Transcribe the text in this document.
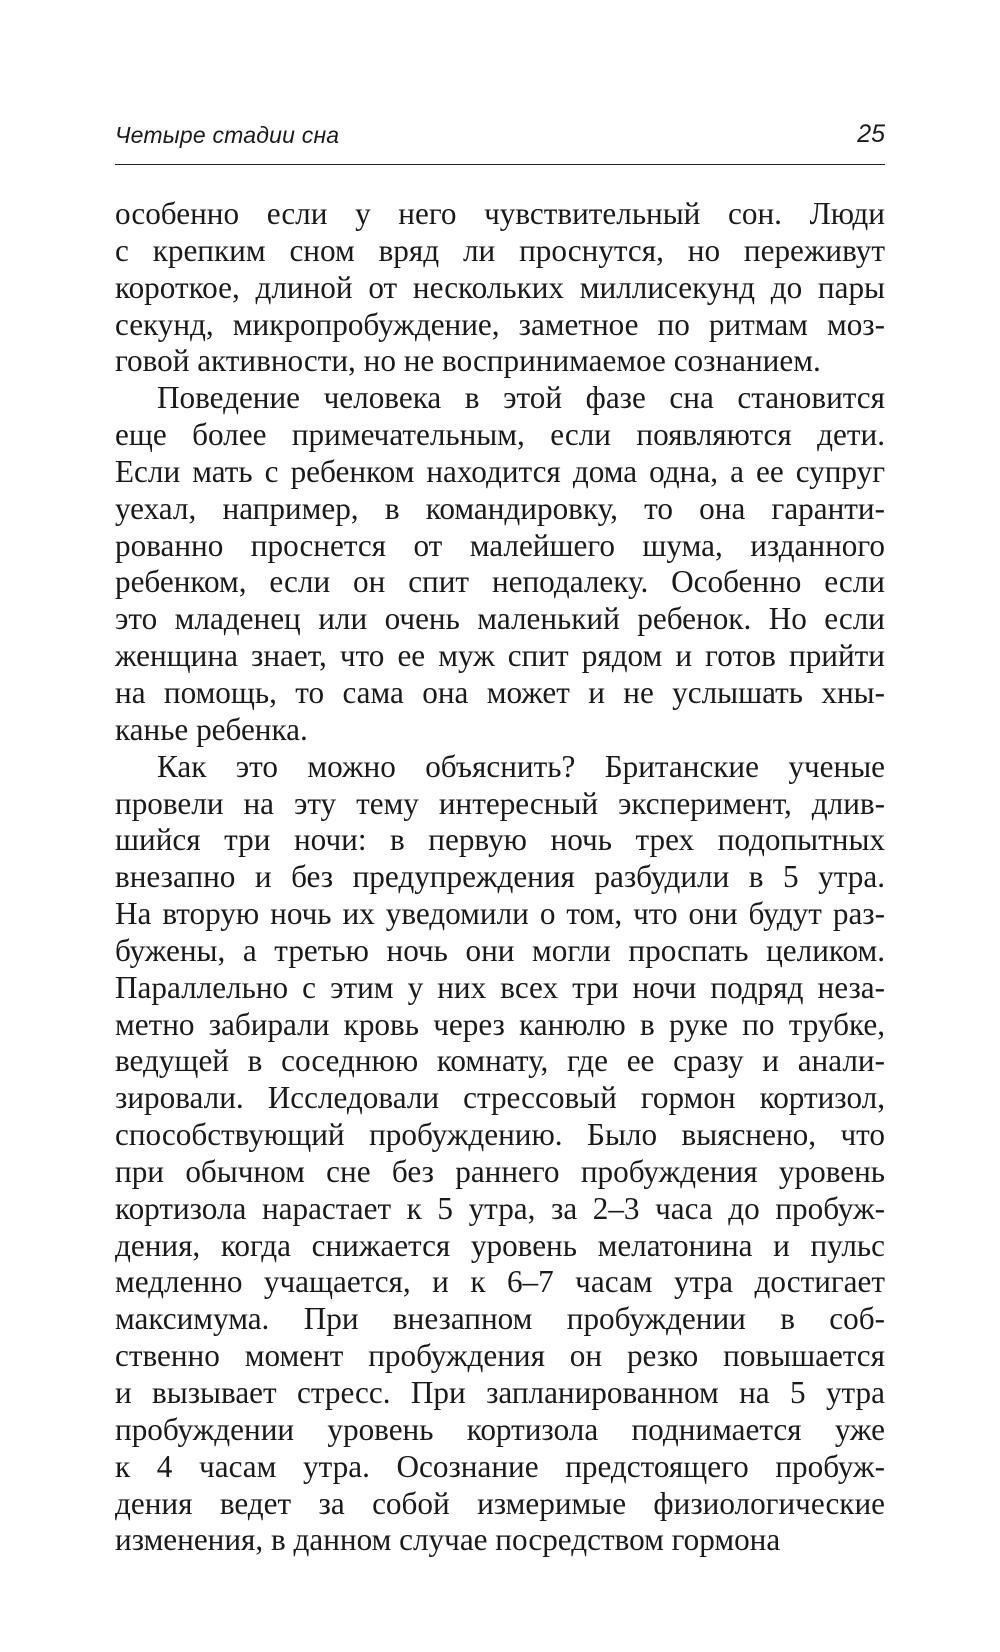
Четыре стадии сна	25
особенно если у него чувствительный сон. Люди
с крепким сном вряд ли проснутся, но переживут
короткое, длиной от нескольких миллисекунд до пары
секунд, микропробуждение, заметное по ритмам моз-
говой активности, но не воспринимаемое сознанием.
Поведение человека в этой фазе сна становится
еще более примечательным, если появляются дети.
Если мать с ребенком находится дома одна, а ее супруг
уехал, например, в командировку, то она гаранти-
рованно проснется от малейшего шума, изданного
ребенком, если он спит неподалеку. Особенно если
это младенец или очень маленький ребенок. Но если
женщина знает, что ее муж спит рядом и готов прийти
на помощь, то сама она может и не услышать хны-
канье ребенка.
Как это можно объяснить? Британские ученые
провели на эту тему интересный эксперимент, длив-
шийся три ночи: в первую ночь трех подопытных
внезапно и без предупреждения разбудили в 5 утра.
На вторую ночь их уведомили о том, что они будут раз-
бужены, а третью ночь они могли проспать целиком.
Параллельно с этим у них всех три ночи подряд неза-
метно забирали кровь через канюлю в руке по трубке,
ведущей в соседнюю комнату, где ее сразу и анали-
зировали. Исследовали стрессовый гормон кортизол,
способствующий пробуждению. Было выяснено, что
при обычном сне без раннего пробуждения уровень
кортизола нарастает к 5 утра, за 2–3 часа до пробуж-
дения, когда снижается уровень мелатонина и пульс
медленно учащается, и к 6–7 часам утра достигает
максимума. При внезапном пробуждении в соб-
ственно момент пробуждения он резко повышается
и вызывает стресс. При запланированном на 5 утра
пробуждении уровень кортизола поднимается уже
к 4 часам утра. Осознание предстоящего пробуж-
дения ведет за собой измеримые физиологические
изменения, в данном случае посредством гормона
